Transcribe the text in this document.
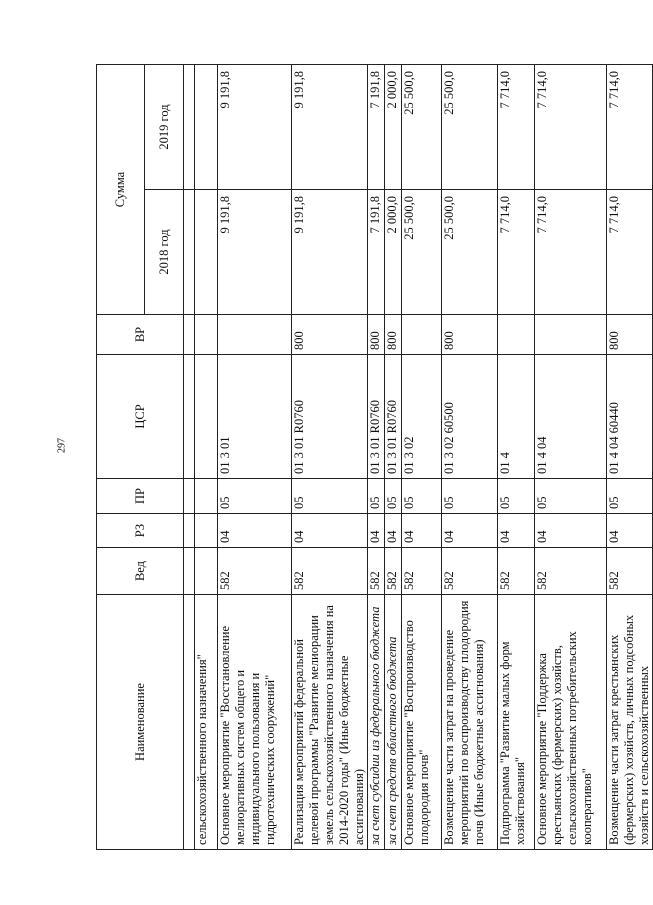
297
Наименование	Вед	РЗ	ПР	ЦСР	ВР	Сумма	
						2018 год	2019 год

сельскохозяйственного назначения"							
Основное мероприятие "Восстановление мелиоративных систем общего и индивидуального пользования и гидротехнических сооружений"	582	04	05	01 3 01		9 191,8	9 191,8
Реализация мероприятий федеральной целевой программы "Развитие мелиорации земель сельскохозяйственного назначения на 2014-2020 годы" (Иные бюджетные ассигнования)	582	04	05	01 3 01 R0760	800	9 191,8	9 191,8
за счет субсидии из федерального бюджета	582	04	05	01 3 01 R0760	800	7 191,8	7 191,8
за счет средств областного бюджета	582	04	05	01 3 01 R0760	800	2 000,0	2 000,0
Основное мероприятие "Воспроизводство плодородия почв"	582	04	05	01 3 02		25 500,0	25 500,0
Возмещение части затрат на проведение мероприятий по воспроизводству плодородия почв (Иные бюджетные ассигнования)	582	04	05	01 3 02 60500	800	25 500,0	25 500,0
Подпрограмма "Развитие малых форм хозяйствования"	582	04	05	01 4		7 714,0	7 714,0
Основное мероприятие "Поддержка крестьянских (фермерских) хозяйств, сельскохозяйственных потребительских кооперативов"	582	04	05	01 4 04		7 714,0	7 714,0
Возмещение части затрат крестьянских (фермерских) хозяйств, личных подсобных хозяйств и сельскохозяйственных	582	04	05	01 4 04 60440	800	7 714,0	7 714,0
